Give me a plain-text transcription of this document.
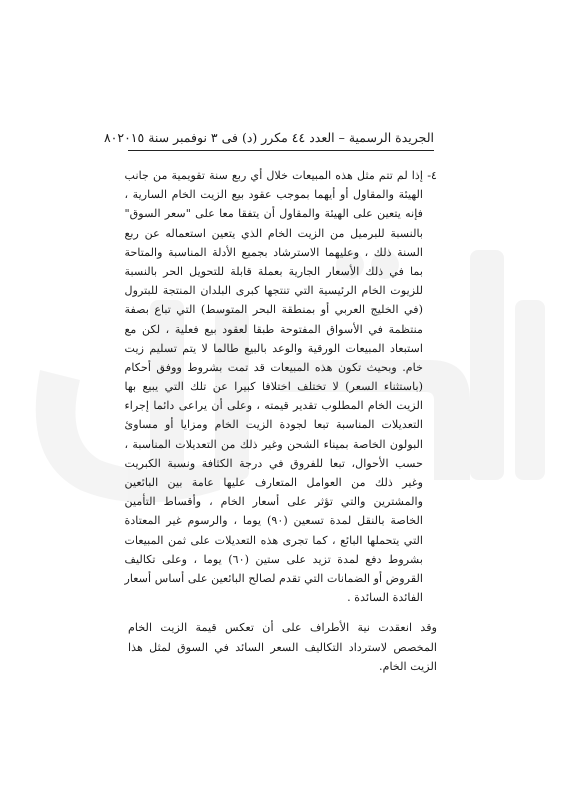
الجريدة الرسمية – العدد ٤٤ مكرر (د) فى ٣ نوفمبر سنة ٢٠١٥
٨٠
٤-
إذا لم تتم مثل هذه المبيعات خلال أي ربع سنة تقويمية من جانب
الهيئة والمقاول أو أيهما بموجب عقود بيع الزيت الخام السارية ،
فإنه يتعين على الهيئة والمقاول أن يتفقا معا على "سعر السوق"
بالنسبة للبرميل من الزيت الخام الذي يتعين استعماله عن ربع
السنة ذلك ، وعليهما الاسترشاد بجميع الأدلة المناسبة والمتاحة
بما في ذلك الأسعار الجارية بعملة قابلة للتحويل الحر بالنسبة
للزيوت الخام الرئيسية التي تنتجها كبرى البلدان المنتجة للبترول
(في الخليج العربي أو بمنطقة البحر المتوسط) التي تباع بصفة
منتظمة في الأسواق المفتوحة طبقا لعقود بيع فعلية ، لكن مع
استبعاد المبيعات الورقية والوعد بالبيع طالما لا يتم تسليم زيت
خام. وبحيث تكون هذه المبيعات قد تمت بشروط ووفق أحكام
(باستثناء السعر) لا تختلف اختلافا كبيرا عن تلك التي يبيع بها
الزيت الخام المطلوب تقدير قيمته ، وعلى أن يراعى دائما إجراء
التعديلات المناسبة تبعا لجودة الزيت الخام ومزايا أو مساوئ
البولون الخاصة بميناء الشحن وغير ذلك من التعديلات المناسبة ،
حسب الأحوال، تبعا للفروق في درجة الكثافة ونسبة الكبريت
وغير ذلك من العوامل المتعارف عليها عامة بين البائعين
والمشترين والتي تؤثر على أسعار الخام ، وأقساط التأمين
الخاصة بالنقل لمدة تسعين (٩٠) يوما ، والرسوم غير المعتادة
التي يتحملها البائع ، كما تجرى هذه التعديلات على ثمن المبيعات
بشروط دفع لمدة تزيد على ستين (٦٠) يوما ، وعلى تكاليف
القروض أو الضمانات التي تقدم لصالح البائعين على أساس أسعار
الفائدة السائدة .
وقد انعقدت نية الأطراف على أن تعكس قيمة الزيت الخام
المخصص لاسترداد التكاليف السعر السائد في السوق لمثل هذا
الزيت الخام.
